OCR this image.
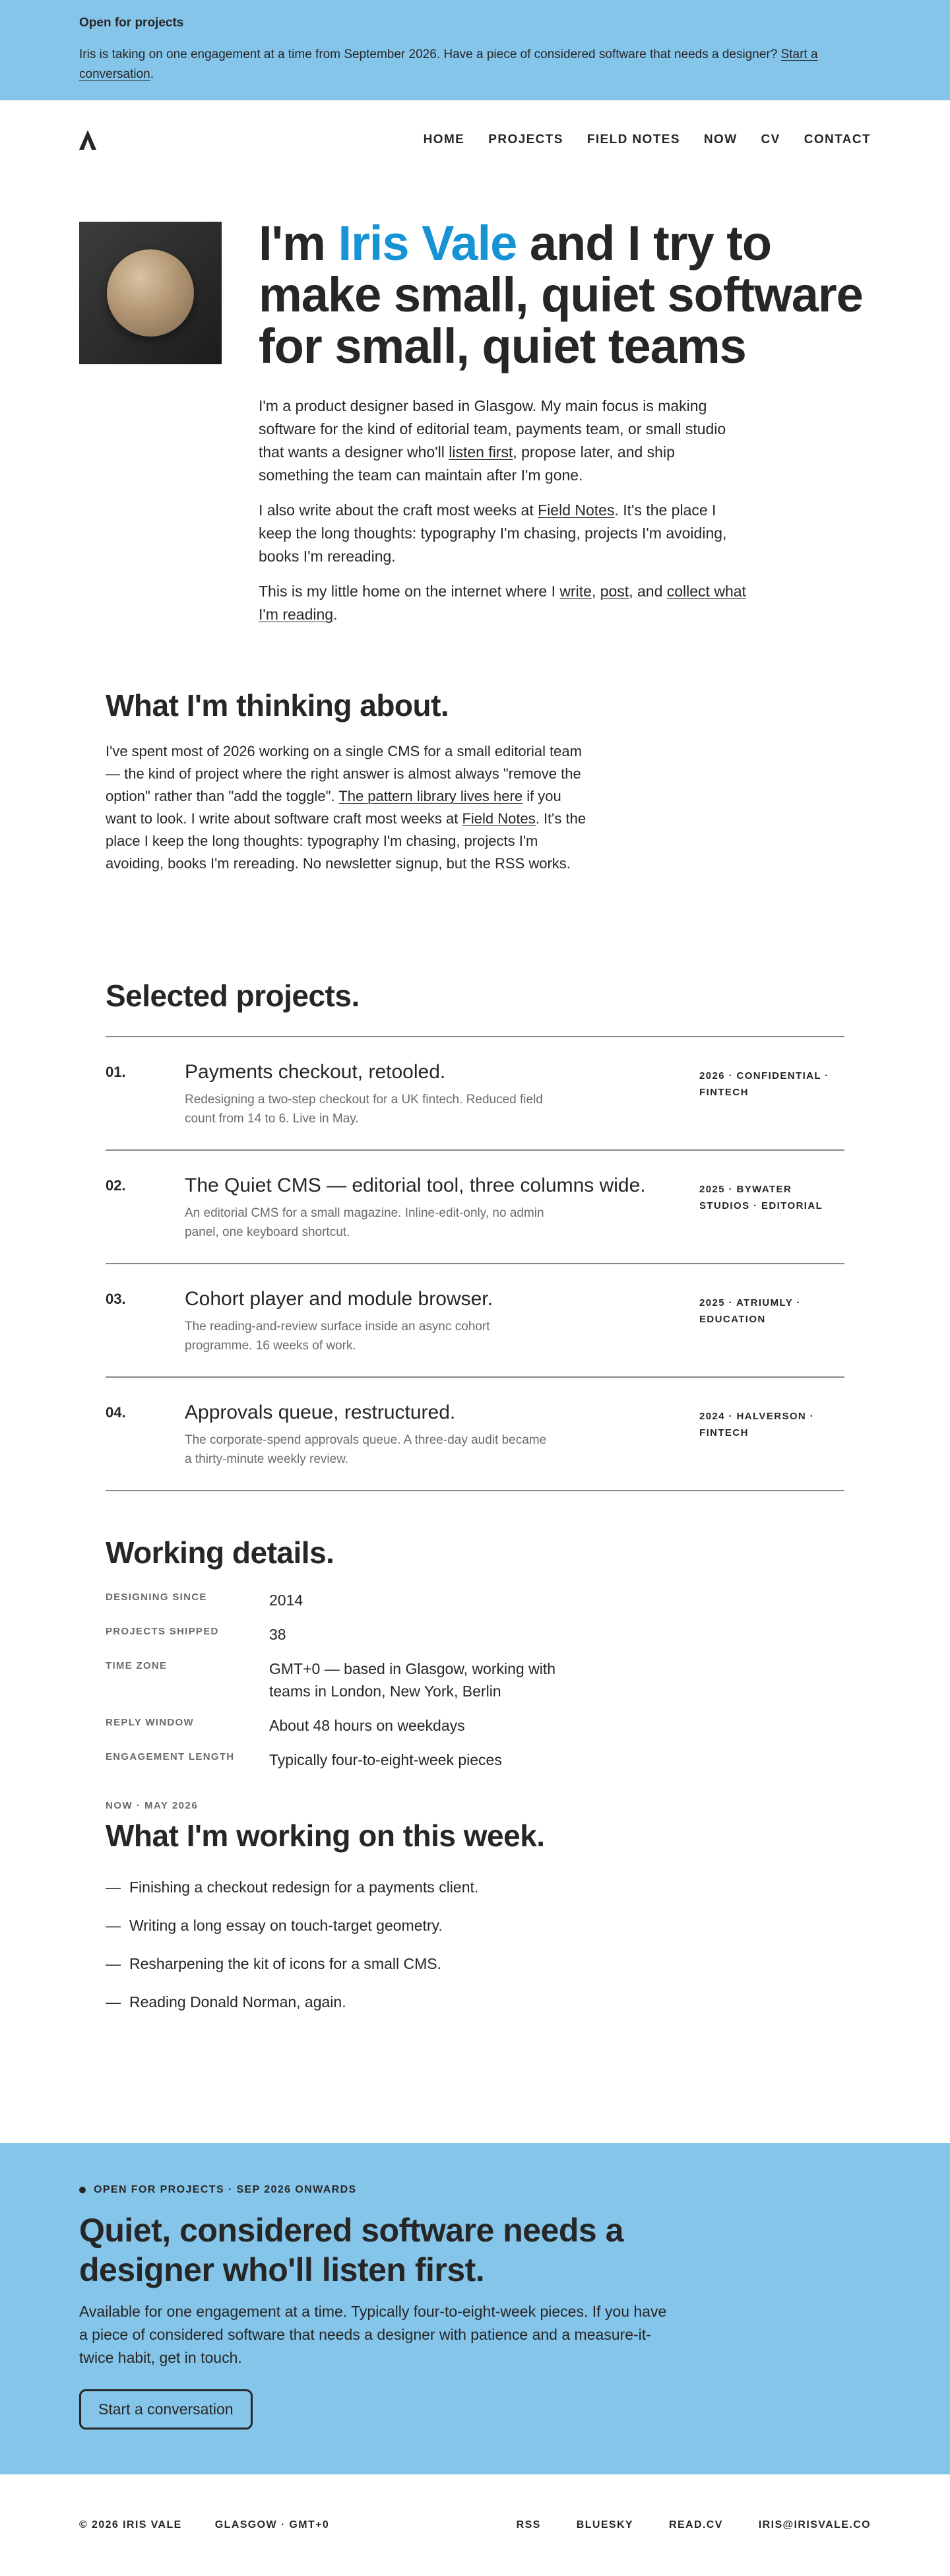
Open for projects
Iris is taking on one engagement at a time from September 2026. Have a piece of considered software that needs a designer? Start a conversation.
HOME PROJECTS FIELD NOTES NOW CV CONTACT
I'm Iris Vale and I try to make small, quiet software for small, quiet teams

I'm a product designer based in Glasgow. My main focus is making software for the kind of editorial team, payments team, or small studio that wants a designer who'll listen first, propose later, and ship something the team can maintain after I'm gone.

I also write about the craft most weeks at Field Notes. It's the place I keep the long thoughts: typography I'm chasing, projects I'm avoiding, books I'm rereading.

This is my little home on the internet where I write, post, and collect what I'm reading.

What I'm thinking about.

I've spent most of 2026 working on a single CMS for a small editorial team — the kind of project where the right answer is almost always "remove the option" rather than "add the toggle". The pattern library lives here if you want to look. I write about software craft most weeks at Field Notes. It's the place I keep the long thoughts: typography I'm chasing, projects I'm avoiding, books I'm rereading. No newsletter signup, but the RSS works.

Selected projects.
01.	Payments checkout, retooled.
Redesigning a two-step checkout for a UK fintech. Reduced field count from 14 to 6. Live in May.
2026 · CONFIDENTIAL · FINTECH
02.	The Quiet CMS — editorial tool, three columns wide.
An editorial CMS for a small magazine. Inline-edit-only, no admin panel, one keyboard shortcut.
2025 · BYWATER STUDIOS · EDITORIAL
03.	Cohort player and module browser.
The reading-and-review surface inside an async cohort programme. 16 weeks of work.
2025 · ATRIUMLY · EDUCATION
04.	Approvals queue, restructured.
The corporate-spend approvals queue. A three-day audit became a thirty-minute weekly review.
2024 · HALVERSON · FINTECH
Working details.
DESIGNING SINCE	2014
PROJECTS SHIPPED	38
TIME ZONE	GMT+0 — based in Glasgow, working with teams in London, New York, Berlin
REPLY WINDOW	About 48 hours on weekdays
ENGAGEMENT LENGTH	Typically four-to-eight-week pieces
NOW · MAY 2026
What I'm working on this week.
— Finishing a checkout redesign for a payments client.
— Writing a long essay on touch-target geometry.
— Resharpening the kit of icons for a small CMS.
— Reading Donald Norman, again.
OPEN FOR PROJECTS · SEP 2026 ONWARDS
Quiet, considered software needs a designer who'll listen first.

Available for one engagement at a time. Typically four-to-eight-week pieces. If you have a piece of considered software that needs a designer with patience and a measure-it-twice habit, get in touch.

Start a conversation
© 2026 IRIS VALE	GLASGOW · GMT+0	RSS	BLUESKY	READ.CV	IRIS@IRISVALE.CO
